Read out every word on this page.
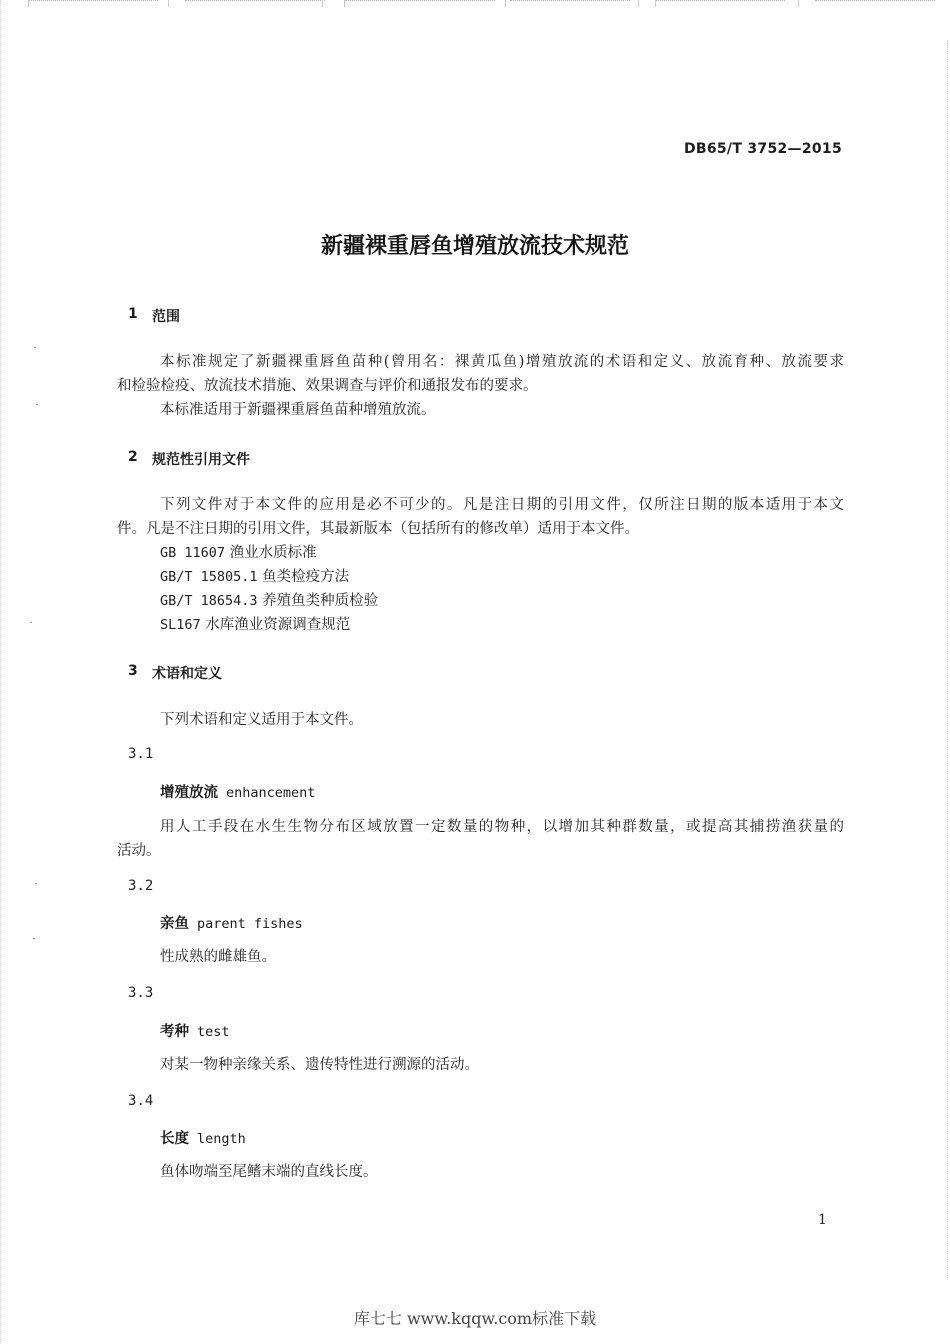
DB65/T 3752—2015
新疆裸重唇鱼增殖放流技术规范
1 范围
本标准规定了新疆裸重唇鱼苗种(曾用名：裸黄瓜鱼)增殖放流的术语和定义、放流育种、放流要求
和检验检疫、放流技术措施、效果调查与评价和通报发布的要求。
本标准适用于新疆裸重唇鱼苗种增殖放流。
2 规范性引用文件
下列文件对于本文件的应用是必不可少的。凡是注日期的引用文件，仅所注日期的版本适用于本文
件。凡是不注日期的引用文件，其最新版本（包括所有的修改单）适用于本文件。
GB 11607 渔业水质标准
GB/T 15805.1 鱼类检疫方法
GB/T 18654.3 养殖鱼类种质检验
SL167 水库渔业资源调查规范
3 术语和定义
下列术语和定义适用于本文件。
3.1
增殖放流 enhancement
用人工手段在水生生物分布区域放置一定数量的物种，以增加其种群数量，或提高其捕捞渔获量的
活动。
3.2
亲鱼 parent fishes
性成熟的雌雄鱼。
3.3
考种 test
对某一物种亲缘关系、遗传特性进行溯源的活动。
3.4
长度 length
鱼体吻端至尾鳍末端的直线长度。
1
库七七 www.kqqw.com标准下载
